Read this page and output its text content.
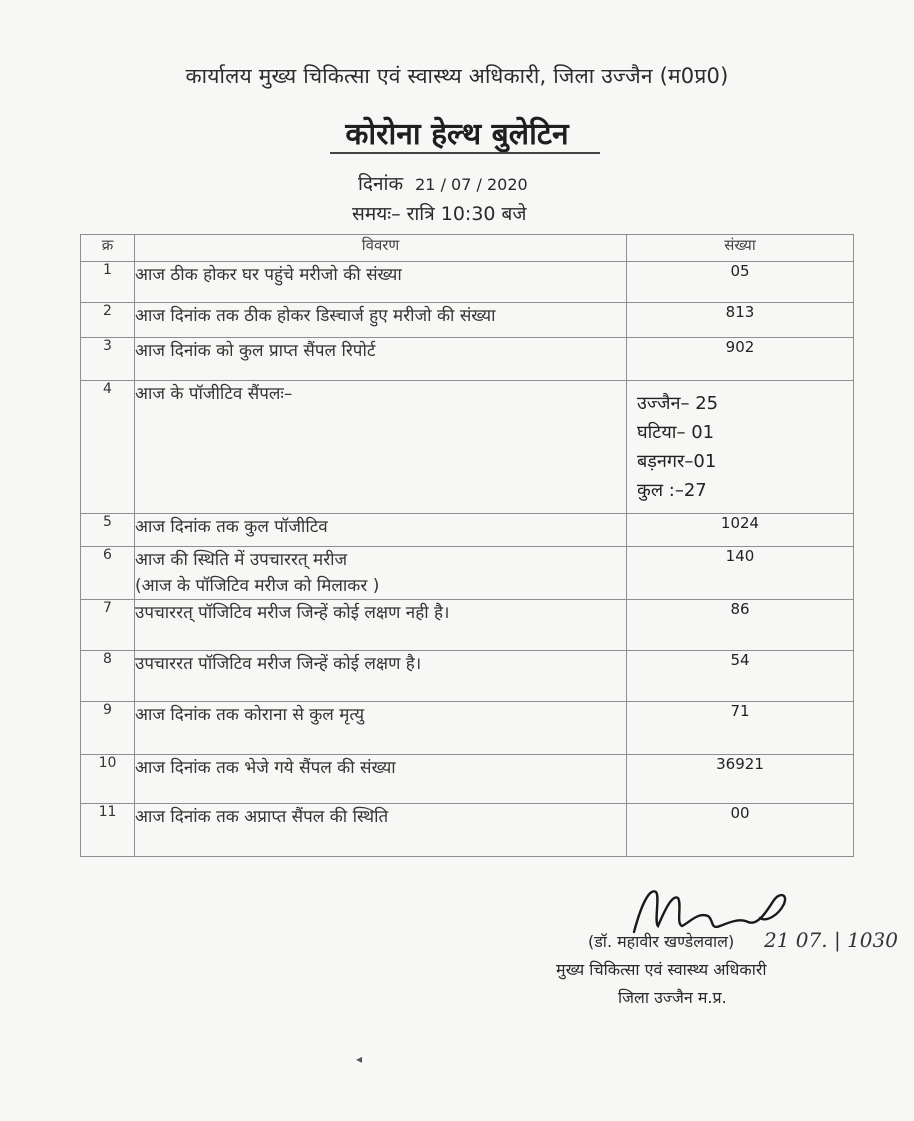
कार्यालय मुख्य चिकित्सा एवं स्वास्थ्य अधिकारी, जिला उज्जैन (म0प्र0)
कोरोना हेल्थ बुलेटिन
दिनांक 21 / 07 / 2020
समयः– रात्रि 10:30 बजे
क्र	विवरण	संख्या
1	आज ठीक होकर घर पहुंचे मरीजो की संख्या	05
2	आज दिनांक तक ठीक होकर डिस्चार्ज हुए मरीजो की संख्या	813
3	आज दिनांक को कुल प्राप्त सैंपल रिपोर्ट	902
4	आज के पॉजीटिव सैंपलः–	उज्जैन– 25
घटिया– 01
बड़नगर–01
कुल :–27

5	आज दिनांक तक कुल पॉजीटिव	1024
6	आज की स्थिति में उपचाररत् मरीज
(आज के पॉजिटिव मरीज को मिलाकर )	140
7	उपचाररत् पॉजिटिव मरीज जिन्हें कोई लक्षण नही है।	86
8	उपचाररत पॉजिटिव मरीज जिन्हें कोई लक्षण है।	54
9	आज दिनांक तक कोराना से कुल मृत्यु	71
10	आज दिनांक तक भेजे गये सैंपल की संख्या	36921
11	आज दिनांक तक अप्राप्त सैंपल की स्थिति	00
(डॉ. महावीर खण्डेलवाल) 21 07. | 1030
मुख्य चिकित्सा एवं स्वास्थ्य अधिकारी
जिला उज्जैन म.प्र.
◂
